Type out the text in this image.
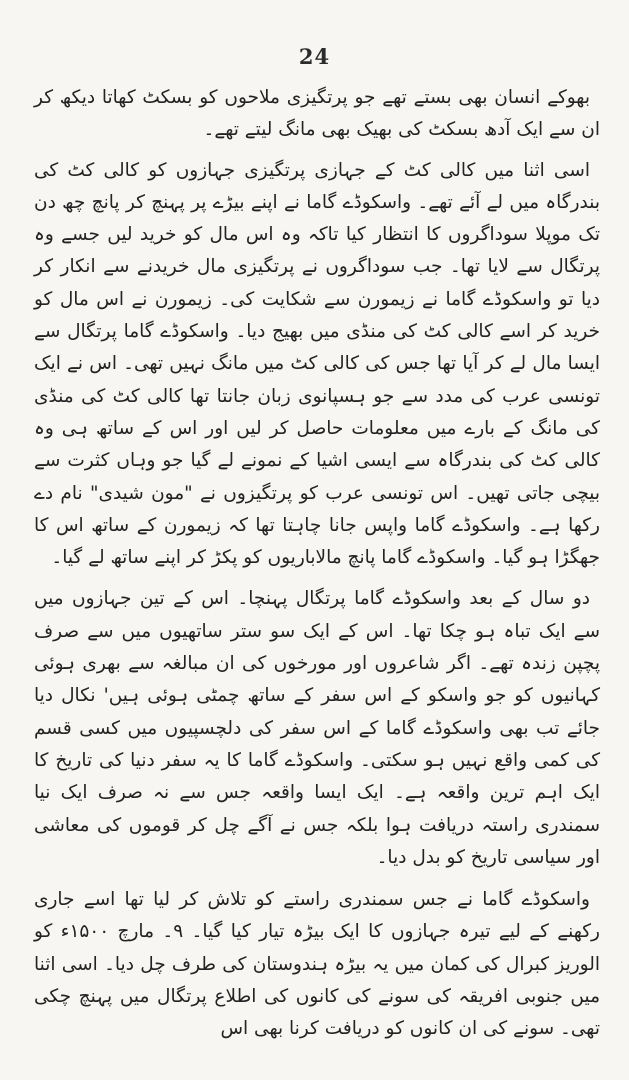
24

بھوکے انسان بھی بستے تھے جو پرتگیزی ملاحوں کو بسکٹ کھاتا دیکھ کر ان سے ایک آدھ بسکٹ کی بھیک بھی مانگ لیتے تھے۔

اسی اثنا میں کالی کٹ کے جہازی پرتگیزی جہازوں کو کالی کٹ کی بندرگاہ میں لے آئے تھے۔ واسکوڈے گاما نے اپنے بیڑے پر پہنچ کر پانچ چھ دن تک موپلا سوداگروں کا انتظار کیا تاکہ وہ اس مال کو خرید لیں جسے وہ پرتگال سے لایا تھا۔ جب سوداگروں نے پرتگیزی مال خریدنے سے انکار کر دیا تو واسکوڈے گاما نے زیمورن سے شکایت کی۔ زیمورن نے اس مال کو خرید کر اسے کالی کٹ کی منڈی میں بھیج دیا۔ واسکوڈے گاما پرتگال سے ایسا مال لے کر آیا تھا جس کی کالی کٹ میں مانگ نہیں تھی۔ اس نے ایک تونسی عرب کی مدد سے جو ہسپانوی زبان جانتا تھا کالی کٹ کی منڈی کی مانگ کے بارے میں معلومات حاصل کر لیں اور اس کے ساتھ ہی وہ کالی کٹ کی بندرگاہ سے ایسی اشیا کے نمونے لے گیا جو وہاں کثرت سے بیچی جاتی تھیں۔ اس تونسی عرب کو پرتگیزوں نے "مون شیدی" نام دے رکھا ہے۔ واسکوڈے گاما واپس جانا چاہتا تھا کہ زیمورن کے ساتھ اس کا جھگڑا ہو گیا۔ واسکوڈے گاما پانچ مالاباریوں کو پکڑ کر اپنے ساتھ لے گیا۔

دو سال کے بعد واسکوڈے گاما پرتگال پہنچا۔ اس کے تین جہازوں میں سے ایک تباہ ہو چکا تھا۔ اس کے ایک سو ستر ساتھیوں میں سے صرف پچپن زندہ تھے۔ اگر شاعروں اور مورخوں کی ان مبالغہ سے بھری ہوئی کہانیوں کو جو واسکو کے اس سفر کے ساتھ چمٹی ہوئی ہیں' نکال دیا جائے تب بھی واسکوڈے گاما کے اس سفر کی دلچسپیوں میں کسی قسم کی کمی واقع نہیں ہو سکتی۔ واسکوڈے گاما کا یہ سفر دنیا کی تاریخ کا ایک اہم ترین واقعہ ہے۔ ایک ایسا واقعہ جس سے نہ صرف ایک نیا سمندری راستہ دریافت ہوا بلکہ جس نے آگے چل کر قوموں کی معاشی اور سیاسی تاریخ کو بدل دیا۔

واسکوڈے گاما نے جس سمندری راستے کو تلاش کر لیا تھا اسے جاری رکھنے کے لیے تیرہ جہازوں کا ایک بیڑہ تیار کیا گیا۔ ۹۔ مارچ ۱۵۰۰ء کو الوریز کبرال کی کمان میں یہ بیڑہ ہندوستان کی طرف چل دیا۔ اسی اثنا میں جنوبی افریقہ کی سونے کی کانوں کی اطلاع پرتگال میں پہنچ چکی تھی۔ سونے کی ان کانوں کو دریافت کرنا بھی اس
